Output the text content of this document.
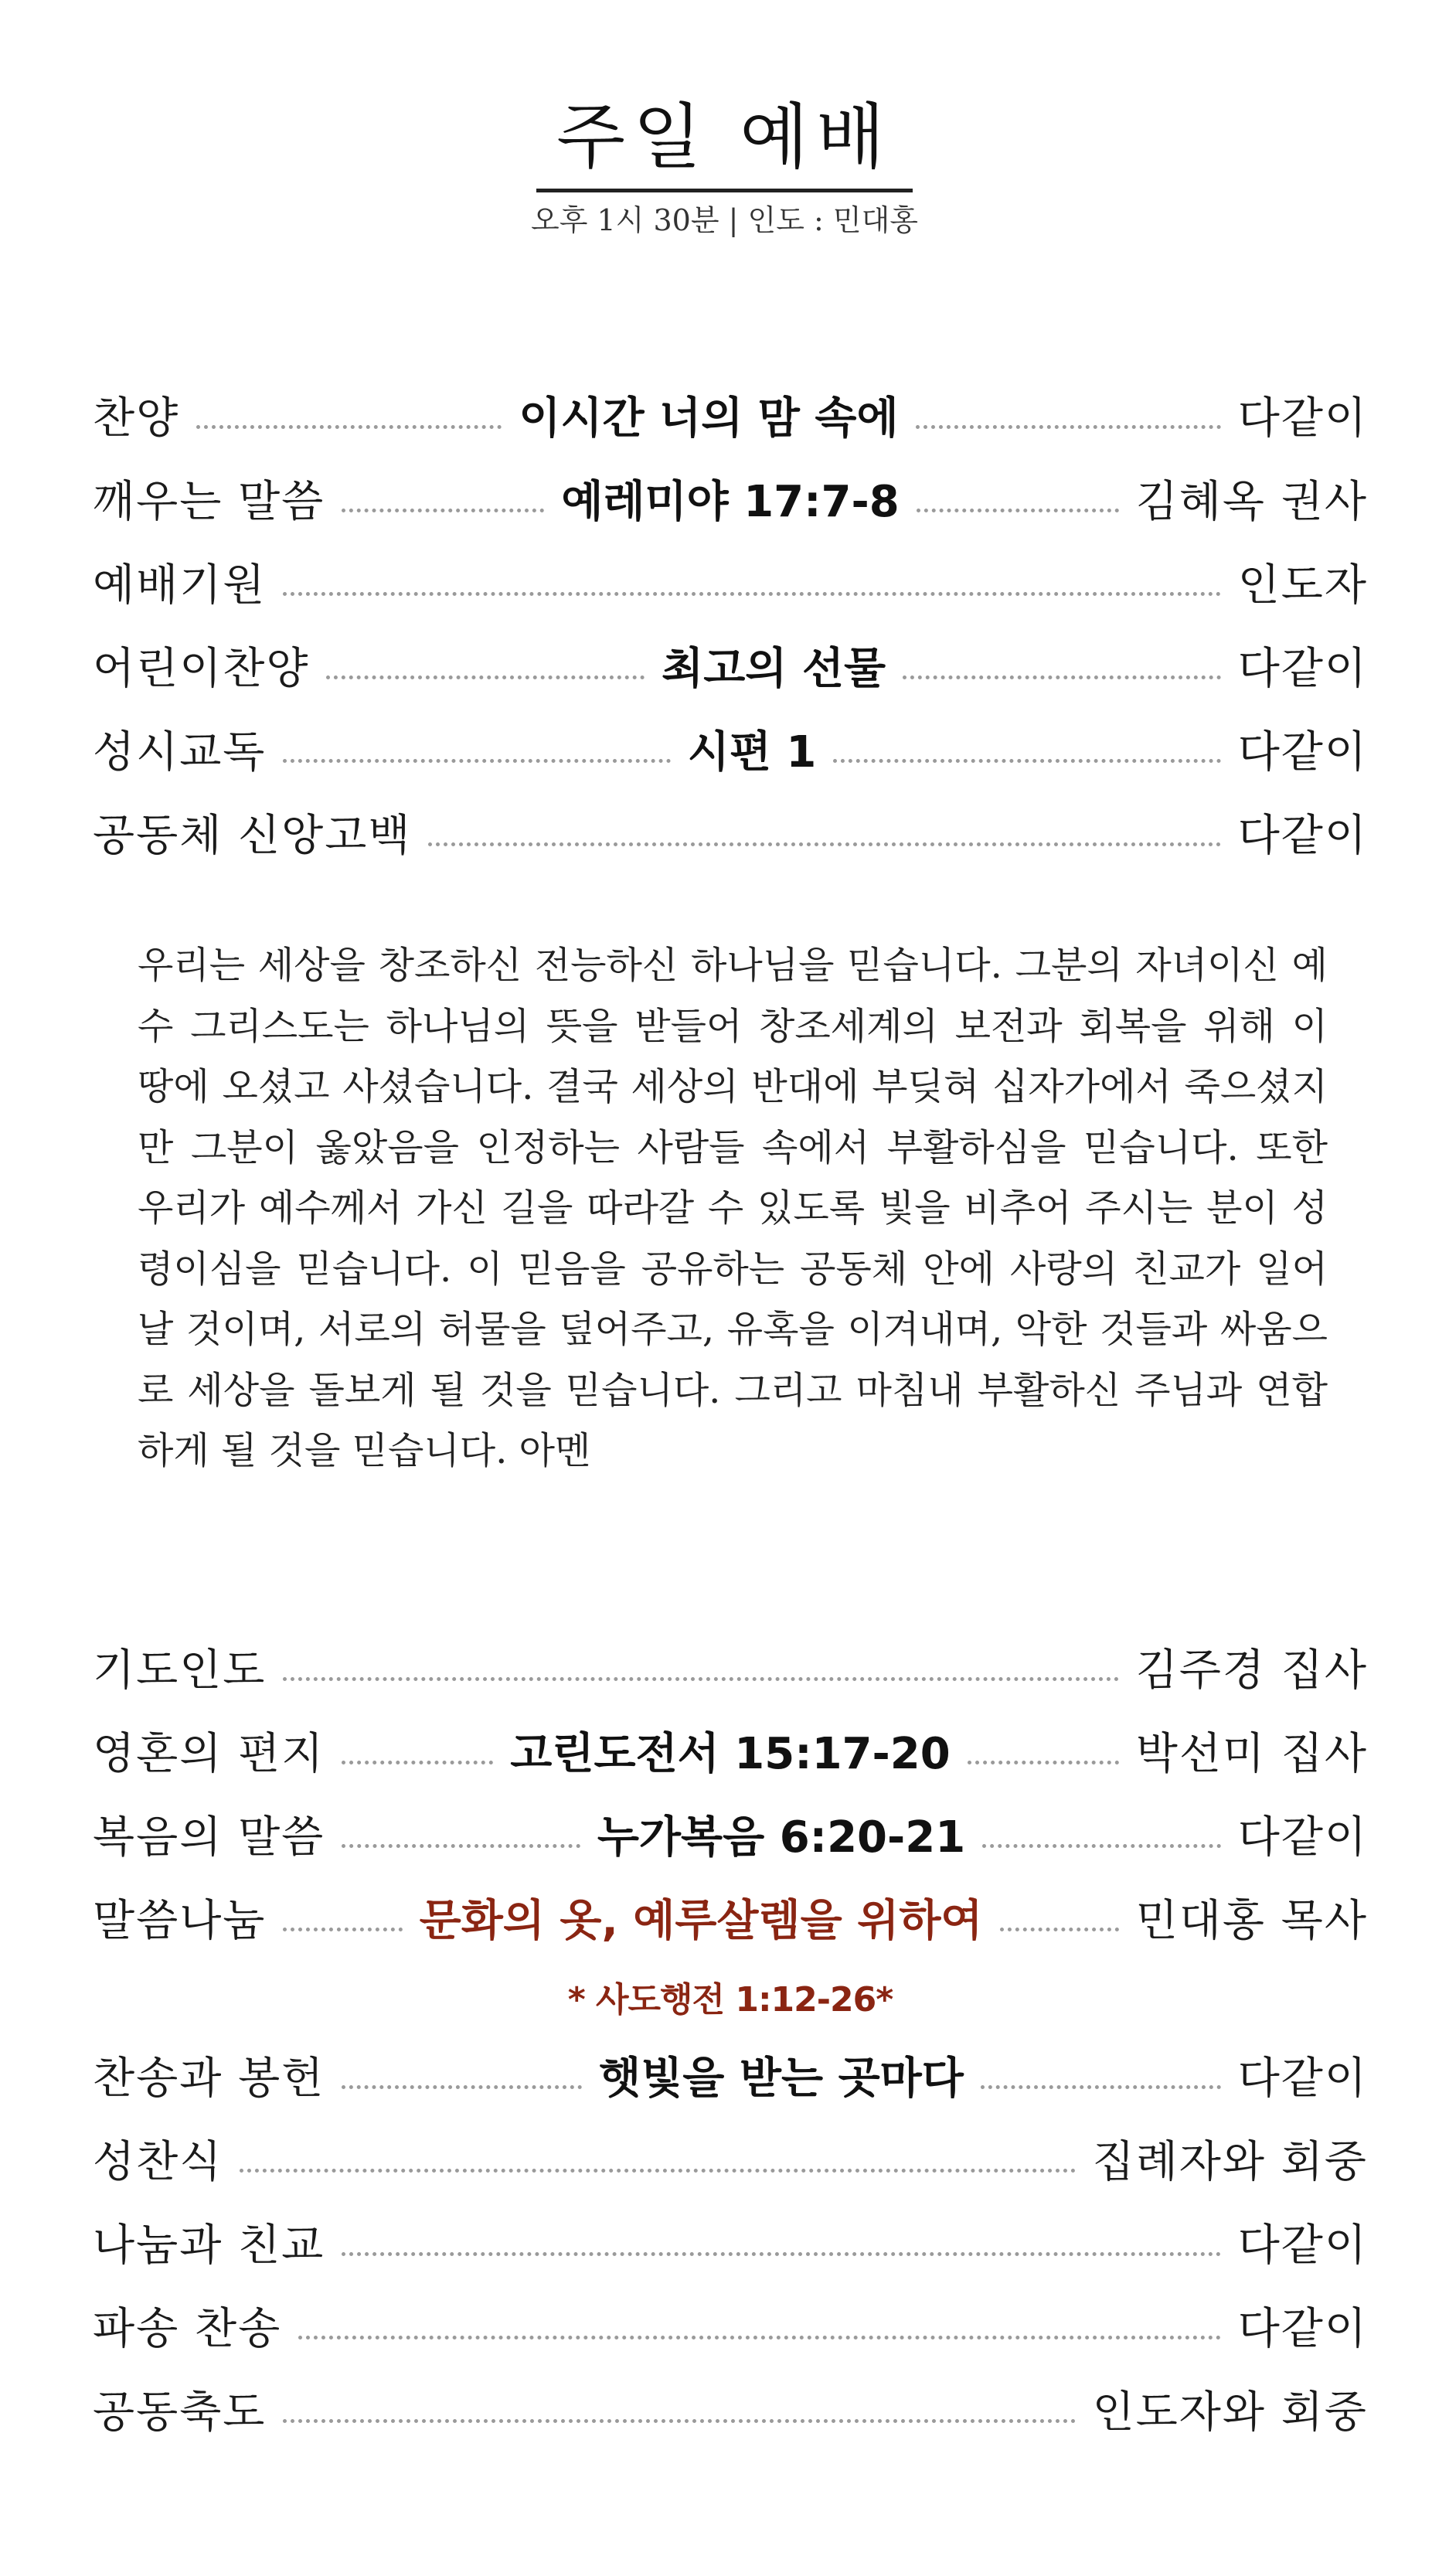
주일 예배
오후 1시 30분 | 인도 : 민대홍
찬양	이시간 너의 맘 속에	다같이
깨우는 말씀	예레미야 17:7-8	김혜옥 권사
예배기원	인도자
어린이찬양	최고의 선물	다같이
성시교독	시편 1	다같이
공동체 신앙고백	다같이

우리는 세상을 창조하신 전능하신 하나님을 믿습니다. 그분의 자녀이신 예수 그리스도는 하나님의 뜻을 받들어 창조세계의 보전과 회복을 위해 이 땅에 오셨고 사셨습니다. 결국 세상의 반대에 부딪혀 십자가에서 죽으셨지만 그분이 옳았음을 인정하는 사람들 속에서 부활하심을 믿습니다. 또한 우리가 예수께서 가신 길을 따라갈 수 있도록 빛을 비추어 주시는 분이 성령이심을 믿습니다. 이 믿음을 공유하는 공동체 안에 사랑의 친교가 일어날 것이며, 서로의 허물을 덮어주고, 유혹을 이겨내며, 악한 것들과 싸움으로 세상을 돌보게 될 것을 믿습니다. 그리고 마침내 부활하신 주님과 연합하게 될 것을 믿습니다. 아멘

기도인도	김주경 집사
영혼의 편지	고린도전서 15:17-20	박선미 집사
복음의 말씀	누가복음 6:20-21	다같이
말씀나눔	문화의 옷, 예루살렘을 위하여	민대홍 목사
* 사도행전 1:12-26*
찬송과 봉헌	햇빛을 받는 곳마다	다같이
성찬식	집례자와 회중
나눔과 친교	다같이
파송 찬송	다같이
공동축도	인도자와 회중
